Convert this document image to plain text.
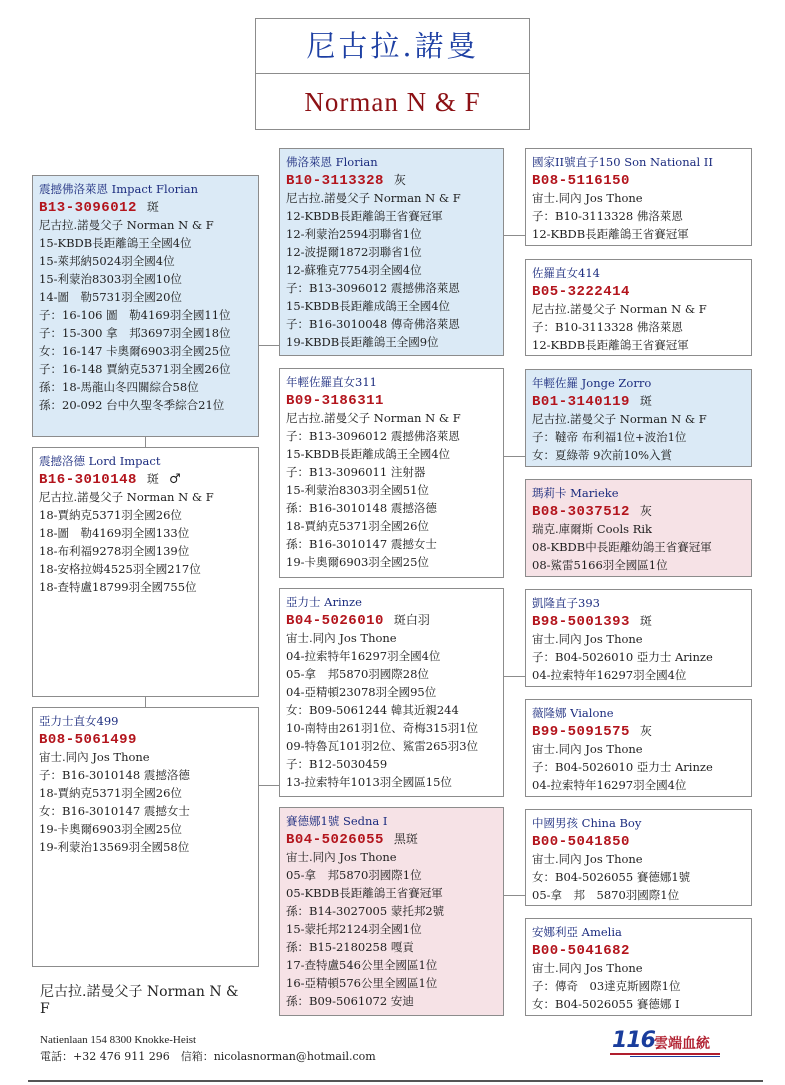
尼古拉.諾曼
Norman N & F
震撼佛洛萊恩 Impact Florian
B13-3096012 斑
尼古拉.諾曼父子 Norman N & F
15-KBDB長距離鴿王全國4位
15-萊邦納5024羽全國4位
15-利蒙治8303羽全國10位
14-圖　勒5731羽全國20位
子：16-106 圖　勒4169羽全國11位
子：15-300 拿　邦3697羽全國18位
女：16-147 卡奧爾6903羽全國25位
子：16-148 賈納克5371羽全國26位
孫：18-馬龍山冬四關綜合58位
孫：20-092 台中久聖冬季綜合21位
震撼洛德 Lord Impact
B16-3010148 斑 ♂
尼古拉.諾曼父子 Norman N & F
18-賈納克5371羽全國26位
18-圖　勒4169羽全國133位
18-布利福9278羽全國139位
18-安格拉姆4525羽全國217位
18-查特盧18799羽全國755位
亞力士直女499
B08-5061499
宙士.同內 Jos Thone
子：B16-3010148 震撼洛德
18-賈納克5371羽全國26位
女：B16-3010147 震撼女士
19-卡奧爾6903羽全國25位
19-利蒙治13569羽全國58位
佛洛萊恩 Florian
B10-3113328 灰
尼古拉.諾曼父子 Norman N & F
12-KBDB長距離鴿王省賽冠軍
12-利蒙治2594羽聯省1位
12-波提爾1872羽聯省1位
12-蘇雅克7754羽全國4位
子：B13-3096012 震撼佛洛萊恩
15-KBDB長距離成鴿王全國4位
子：B16-3010048 傳奇佛洛萊恩
19-KBDB長距離鴿王全國9位
年輕佐羅直女311
B09-3186311
尼古拉.諾曼父子 Norman N & F
子：B13-3096012 震撼佛洛萊恩
15-KBDB長距離成鴿王全國4位
子：B13-3096011 注射器
15-利蒙治8303羽全國51位
孫：B16-3010148 震撼洛德
18-賈納克5371羽全國26位
孫：B16-3010147 震撼女士
19-卡奧爾6903羽全國25位
亞力士 Arinze
B04-5026010 斑白羽
宙士.同內 Jos Thone
04-拉索特年16297羽全國4位
05-拿　邦5870羽國際28位
04-亞精頓23078羽全國95位
女：B09-5061244 韓其近親244
10-南特由261羽1位、奇梅315羽1位
09-特魯瓦101羽2位、鯊雷265羽3位
子：B12-5030459
13-拉索特年1013羽全國區15位
賽德娜1號 Sedna I
B04-5026055 黑斑
宙士.同內 Jos Thone
05-拿　邦5870羽國際1位
05-KBDB長距離鴿王省賽冠軍
孫：B14-3027005 蒙托邦2號
15-蒙托邦2124羽全國1位
孫：B15-2180258 嘎貢
17-查特盧546公里全國區1位
16-亞精頓576公里全國區1位
孫：B09-5061072 安迪
國家II號直子150 Son National II
B08-5116150
宙士.同內 Jos Thone
子：B10-3113328 佛洛萊恩
12-KBDB長距離鴿王省賽冠軍
佐羅直女414
B05-3222414
尼古拉.諾曼父子 Norman N & F
子：B10-3113328 佛洛萊恩
12-KBDB長距離鴿王省賽冠軍
年輕佐羅 Jonge Zorro
B01-3140119 斑
尼古拉.諾曼父子 Norman N & F
子：韃帝 布利福1位+波治1位
女：夏綠蒂 9次前10%入賞
瑪莉卡 Marieke
B08-3037512 灰
瑞克.庫爾斯 Cools Rik
08-KBDB中長距離幼鴿王省賽冠軍
08-鯊雷5166羽全國區1位
凱隆直子393
B98-5001393 斑
宙士.同內 Jos Thone
子：B04-5026010 亞力士 Arinze
04-拉索特年16297羽全國4位
薇隆娜 Vialone
B99-5091575 灰
宙士.同內 Jos Thone
子：B04-5026010 亞力士 Arinze
04-拉索特年16297羽全國4位
中國男孩 China Boy
B00-5041850
宙士.同內 Jos Thone
女：B04-5026055 賽德娜1號
05-拿　邦　5870羽國際1位
安娜利亞 Amelia
B00-5041682
宙士.同內 Jos Thone
子：傳奇　03達克斯國際1位
女：B04-5026055 賽德娜 I
尼古拉.諾曼父子 Norman N & F
Natienlaan 154 8300 Knokke-Heist
電話：+32 476 911 296　信箱：nicolasnorman@hotmail.com
116 雲端血統
